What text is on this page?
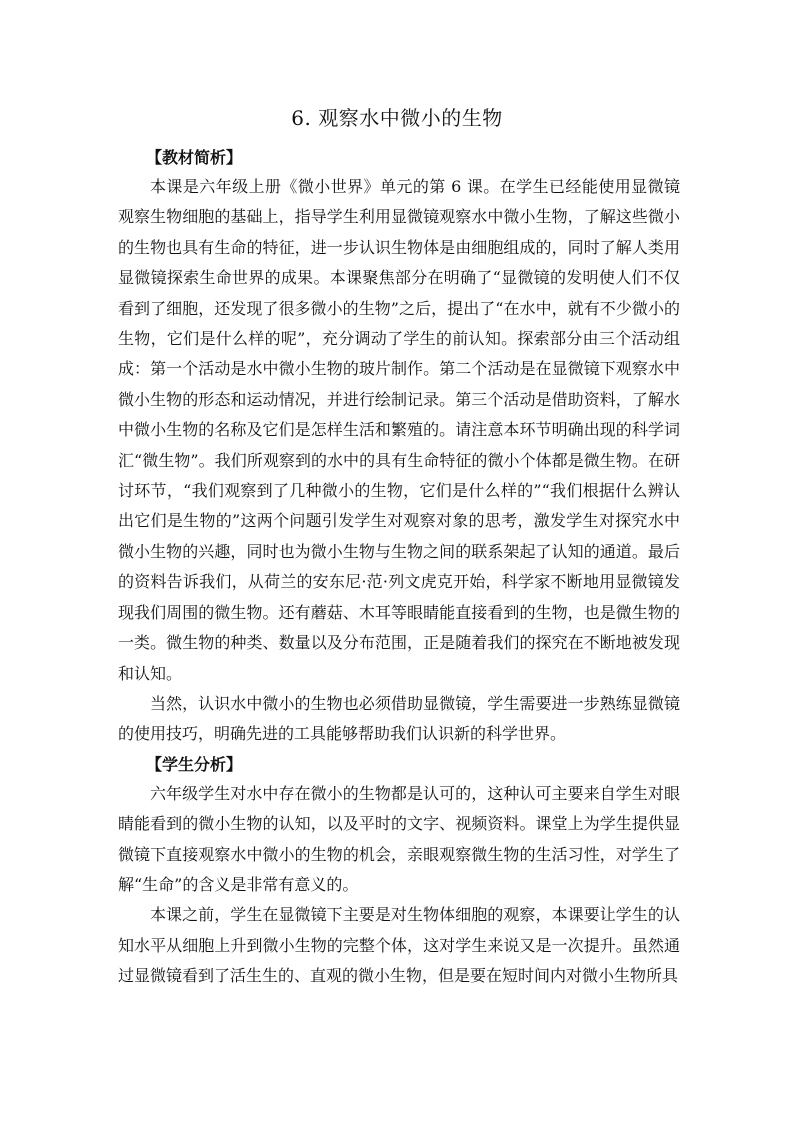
6. 观察水中微小的生物
【教材简析】

本课是六年级上册《微小世界》单元的第 6 课。在学生已经能使用显微镜观察生物细胞的基础上，指导学生利用显微镜观察水中微小生物，了解这些微小的生物也具有生命的特征，进一步认识生物体是由细胞组成的，同时了解人类用显微镜探索生命世界的成果。本课聚焦部分在明确了“显微镜的发明使人们不仅看到了细胞，还发现了很多微小的生物”之后，提出了“在水中，就有不少微小的生物，它们是什么样的呢”，充分调动了学生的前认知。探索部分由三个活动组成：第一个活动是水中微小生物的玻片制作。第二个活动是在显微镜下观察水中微小生物的形态和运动情况，并进行绘制记录。第三个活动是借助资料，了解水中微小生物的名称及它们是怎样生活和繁殖的。请注意本环节明确出现的科学词汇“微生物”。我们所观察到的水中的具有生命特征的微小个体都是微生物。在研讨环节，“我们观察到了几种微小的生物，它们是什么样的”“我们根据什么辨认出它们是生物的”这两个问题引发学生对观察对象的思考，激发学生对探究水中微小生物的兴趣，同时也为微小生物与生物之间的联系架起了认知的通道。最后的资料告诉我们，从荷兰的安东尼·范·列文虎克开始，科学家不断地用显微镜发现我们周围的微生物。还有蘑菇、木耳等眼睛能直接看到的生物，也是微生物的一类。微生物的种类、数量以及分布范围，正是随着我们的探究在不断地被发现和认知。

当然，认识水中微小的生物也必须借助显微镜，学生需要进一步熟练显微镜的使用技巧，明确先进的工具能够帮助我们认识新的科学世界。

【学生分析】

六年级学生对水中存在微小的生物都是认可的，这种认可主要来自学生对眼睛能看到的微小生物的认知，以及平时的文字、视频资料。课堂上为学生提供显微镜下直接观察水中微小的生物的机会，亲眼观察微生物的生活习性，对学生了解“生命”的含义是非常有意义的。

本课之前，学生在显微镜下主要是对生物体细胞的观察，本课要让学生的认知水平从细胞上升到微小生物的完整个体，这对学生来说又是一次提升。虽然通过显微镜看到了活生生的、直观的微小生物，但是要在短时间内对微小生物所具
